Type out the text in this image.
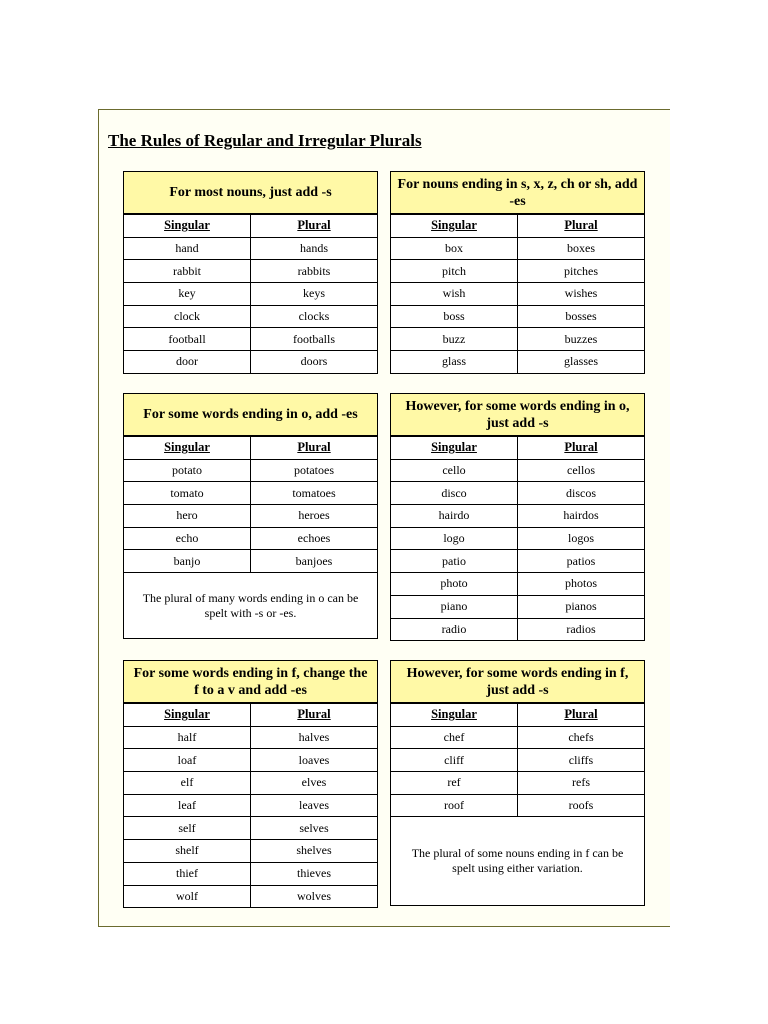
The Rules of Regular and Irregular Plurals
For most nouns, just add -s
Singular	Plural
hand	hands
rabbit	rabbits
key	keys
clock	clocks
football	footballs
door	doors
For nouns ending in s, x, z, ch or sh, add -es
Singular	Plural
box	boxes
pitch	pitches
wish	wishes
boss	bosses
buzz	buzzes
glass	glasses
For some words ending in o, add -es
Singular	Plural
potato	potatoes
tomato	tomatoes
hero	heroes
echo	echoes
banjo	banjoes
The plural of many words ending in o can be spelt with -s or -es.
However, for some words ending in o, just add -s
Singular	Plural
cello	cellos
disco	discos
hairdo	hairdos
logo	logos
patio	patios
photo	photos
piano	pianos
radio	radios
For some words ending in f, change the f to a v and add -es
Singular	Plural
half	halves
loaf	loaves
elf	elves
leaf	leaves
self	selves
shelf	shelves
thief	thieves
wolf	wolves
However, for some words ending in f, just add -s
Singular	Plural
chef	chefs
cliff	cliffs
ref	refs
roof	roofs
The plural of some nouns ending in f can be spelt using either variation.
